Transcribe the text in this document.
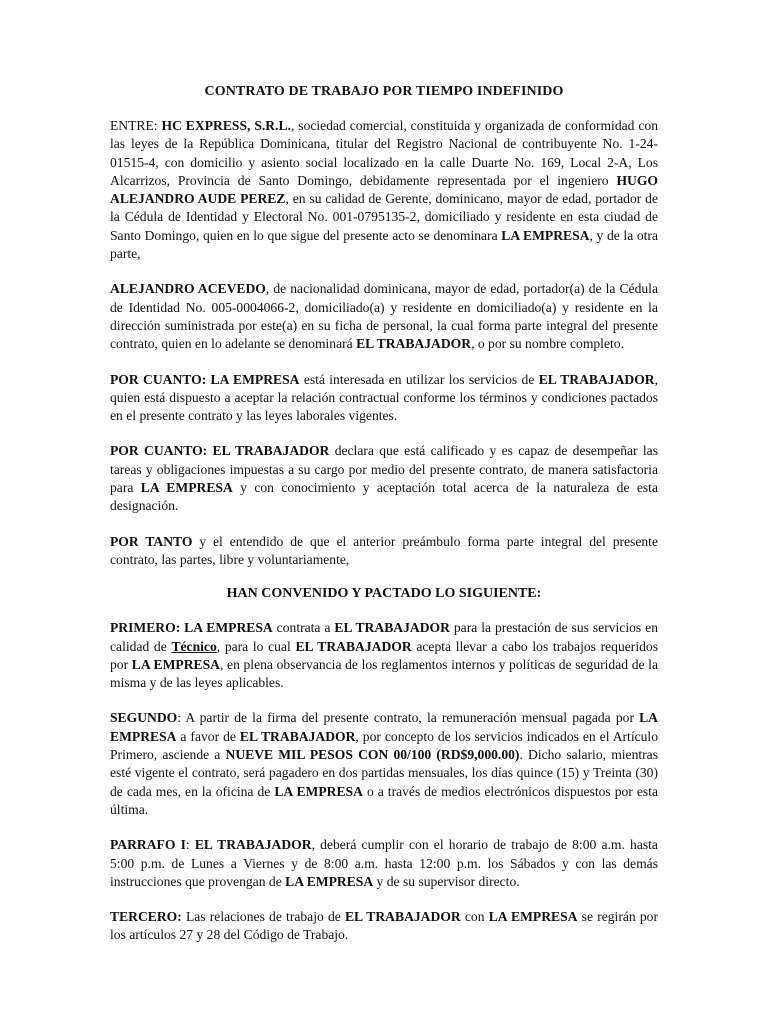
CONTRATO DE TRABAJO POR TIEMPO INDEFINIDO

ENTRE: HC EXPRESS, S.R.L., sociedad comercial, constituida y organizada de conformidad con las leyes de la República Dominicana, titular del Registro Nacional de contribuyente No. 1-24-01515-4, con domicilio y asiento social localizado en la calle Duarte No. 169, Local 2-A, Los Alcarrizos, Provincia de Santo Domingo, debidamente representada por el ingeniero HUGO ALEJANDRO AUDE PEREZ, en su calidad de Gerente, dominicano, mayor de edad, portador de la Cédula de Identidad y Electoral No. 001-0795135-2, domiciliado y residente en esta ciudad de Santo Domingo, quien en lo que sigue del presente acto se denominara LA EMPRESA, y de la otra parte,

ALEJANDRO ACEVEDO, de nacionalidad dominicana, mayor de edad, portador(a) de la Cédula de Identidad No. 005-0004066-2, domiciliado(a) y residente en domiciliado(a) y residente en la dirección suministrada por este(a) en su ficha de personal, la cual forma parte integral del presente contrato, quien en lo adelante se denominará EL TRABAJADOR, o por su nombre completo.

POR CUANTO: LA EMPRESA está interesada en utilizar los servicios de EL TRABAJADOR, quien está dispuesto a aceptar la relación contractual conforme los términos y condiciones pactados en el presente contrato y las leyes laborales vigentes.

POR CUANTO: EL TRABAJADOR declara que está calificado y es capaz de desempeñar las tareas y obligaciones impuestas a su cargo por medio del presente contrato, de manera satisfactoria para LA EMPRESA y con conocimiento y aceptación total acerca de la naturaleza de esta designación.

POR TANTO y el entendido de que el anterior preámbulo forma parte integral del presente contrato, las partes, libre y voluntariamente,

HAN CONVENIDO Y PACTADO LO SIGUIENTE:

PRIMERO: LA EMPRESA contrata a EL TRABAJADOR para la prestación de sus servicios en calidad de Técnico, para lo cual EL TRABAJADOR acepta llevar a cabo los trabajos requeridos por LA EMPRESA, en plena observancia de los reglamentos internos y políticas de seguridad de la misma y de las leyes aplicables.

SEGUNDO: A partir de la firma del presente contrato, la remuneración mensual pagada por LA EMPRESA a favor de EL TRABAJADOR, por concepto de los servicios indicados en el Artículo Primero, asciende a NUEVE MIL PESOS CON 00/100 (RD$9,000.00). Dicho salario, mientras esté vigente el contrato, será pagadero en dos partidas mensuales, los días quince (15) y Treinta (30) de cada mes, en la oficina de LA EMPRESA o a través de medios electrónicos dispuestos por esta última.

PARRAFO I: EL TRABAJADOR, deberá cumplir con el horario de trabajo de 8:00 a.m. hasta 5:00 p.m. de Lunes a Viernes y de 8:00 a.m. hasta 12:00 p.m. los Sábados y con las demás instrucciones que provengan de LA EMPRESA y de su supervisor directo.

TERCERO: Las relaciones de trabajo de EL TRABAJADOR con LA EMPRESA se regirán por los artículos 27 y 28 del Código de Trabajo.
